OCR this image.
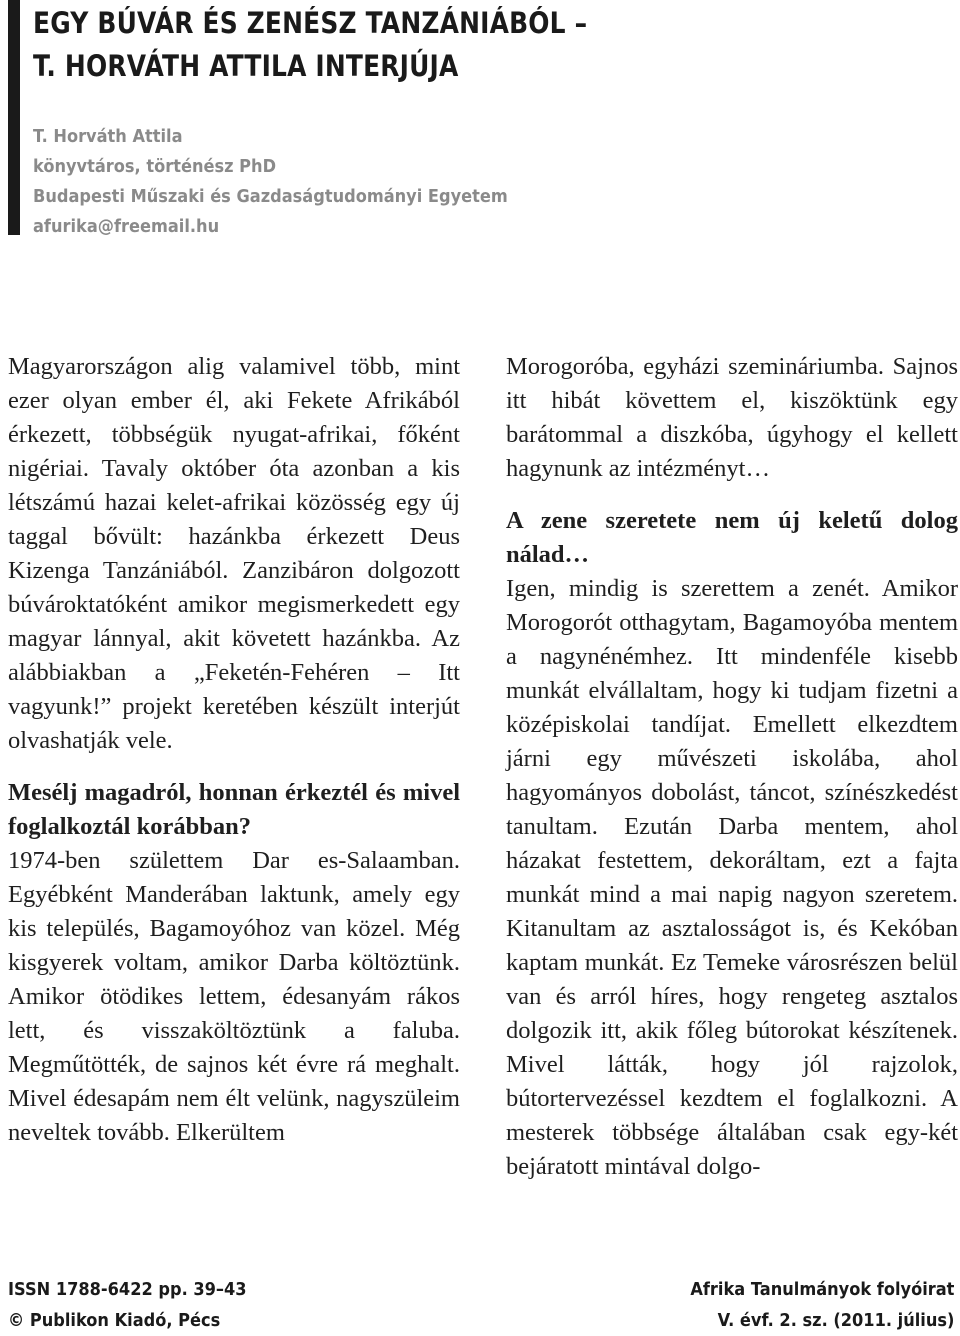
EGY BÚVÁR ÉS ZENÉSZ TANZÁNIÁBÓL –
T. HORVÁTH ATTILA INTERJÚJA
T. Horváth Attila
könyvtáros, történész PhD
Budapesti Műszaki és Gazdaságtudományi Egyetem
afurika@freemail.hu

Magyarországon alig valamivel több, mint ezer olyan ember él, aki Fekete Afrikából érkezett, többségük nyugat-afrikai, főként nigériai. Tavaly október óta azonban a kis létszámú hazai kelet-afrikai közösség egy új taggal bővült: hazánkba érkezett Deus Kizenga Tanzániából. Zanzibáron dolgozott búvároktatóként amikor megismerkedett egy magyar lánnyal, akit követett hazánkba. Az alábbiakban a „Feketén-Fehéren – Itt vagyunk!” projekt keretében készült interjút olvashatják vele.

Mesélj magadról, honnan érkeztél és mivel foglalkoztál korábban?

1974-ben születtem Dar es-Salaamban. Egyébként Manderában laktunk, amely egy kis település, Bagamoyóhoz van közel. Még kisgyerek voltam, amikor Darba költöztünk. Amikor ötödikes lettem, édesanyám rákos lett, és visszaköltöztünk a faluba. Megműtötték, de sajnos két évre rá meghalt. Mivel édesapám nem élt velünk, nagyszüleim neveltek tovább. Elkerültem

Morogoróba, egyházi szemináriumba. Sajnos itt hibát követtem el, kiszöktünk egy barátommal a diszkóba, úgyhogy el kellett hagynunk az intézményt…

A zene szeretete nem új keletű dolog nálad…

Igen, mindig is szerettem a zenét. Amikor Morogorót otthagytam, Bagamoyóba mentem a nagynénémhez. Itt mindenféle kisebb munkát elvállaltam, hogy ki tudjam fizetni a középiskolai tandíjat. Emellett elkezdtem járni egy művészeti iskolába, ahol hagyományos dobolást, táncot, színészkedést tanultam. Ezután Darba mentem, ahol házakat festettem, dekoráltam, ezt a fajta munkát mind a mai napig nagyon szeretem. Kitanultam az asztalosságot is, és Kekóban kaptam munkát. Ez Temeke városrészen belül van és arról híres, hogy rengeteg asztalos dolgozik itt, akik főleg bútorokat készítenek. Mivel látták, hogy jól rajzolok, bútortervezéssel kezdtem el foglalkozni. A mesterek többsége általában csak egy-két bejáratott mintával dolgo-

ISSN 1788-6422 pp. 39–43
© Publikon Kiadó, Pécs
Afrika Tanulmányok folyóirat
V. évf. 2. sz. (2011. július)
